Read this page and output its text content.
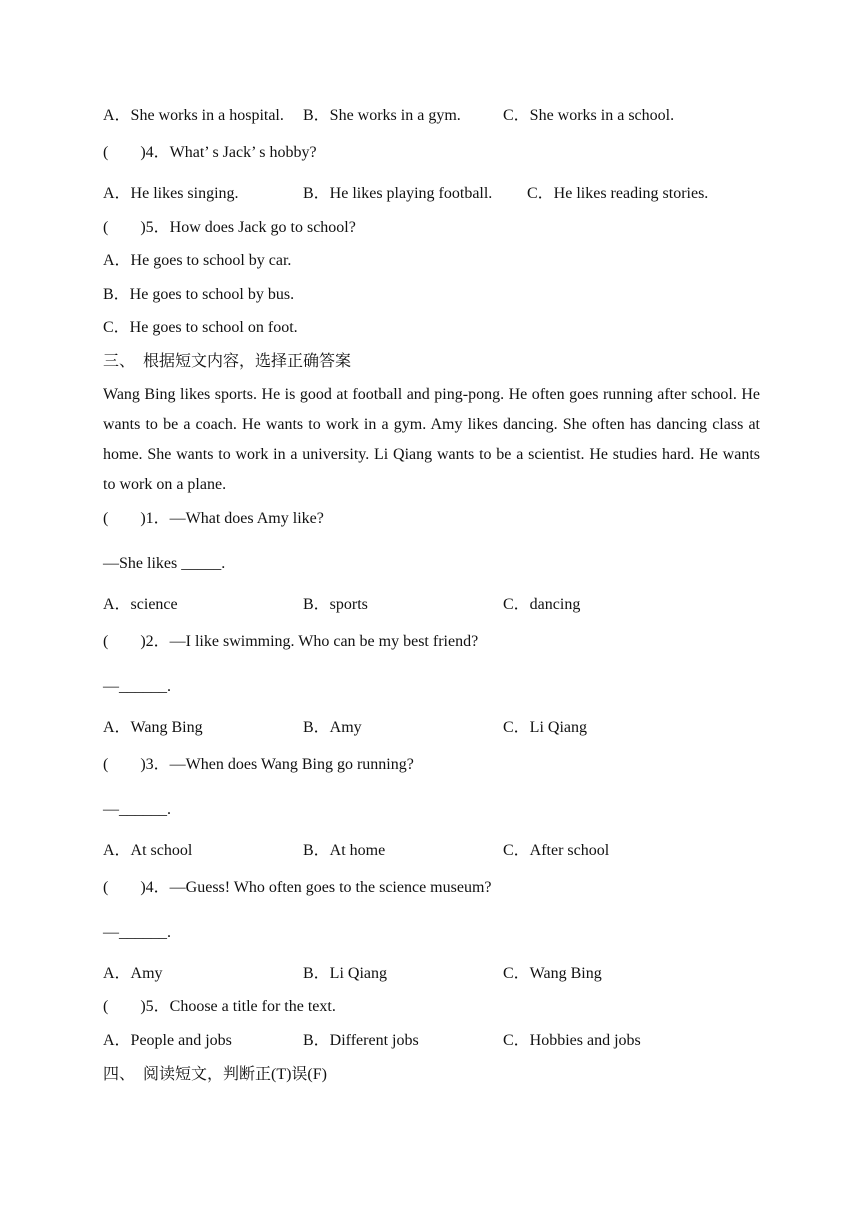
A．She works in a hospital. B．She works in a gym.	C．She works in a school.
(　　)4．What’ s Jack’ s hobby?
A．He likes singing.	B．He likes playing football. C．He likes reading stories.
(　　)5．How does Jack go to school?
A．He goes to school by car.
B．He goes to school by bus.
C．He goes to school on foot.
三、　根据短文内容，选择正确答案
Wang Bing likes sports. He is good at football and ping-pong. He often goes running after school. He wants to be a coach. He wants to work in a gym. Amy likes dancing. She often has dancing class at home. She wants to work in a university. Li Qiang wants to be a scientist. He studies hard. He wants to work on a plane.
(　　)1．—What does Amy like?
—She likes _____.
A．science	B．sports	C．dancing
(　　)2．—I like swimming. Who can be my best friend?
—______.
A．Wang Bing	B．Amy	C．Li Qiang
(　　)3．—When does Wang Bing go running?
—______.
A．At school	B．At home	C．After school
(　　)4．—Guess! Who often goes to the science museum?
—______.
A．Amy	B．Li Qiang	C．Wang Bing
(　　)5．Choose a title for the text.
A．People and jobs	B．Different jobs	C．Hobbies and jobs
四、　阅读短文，判断正(T)误(F)
